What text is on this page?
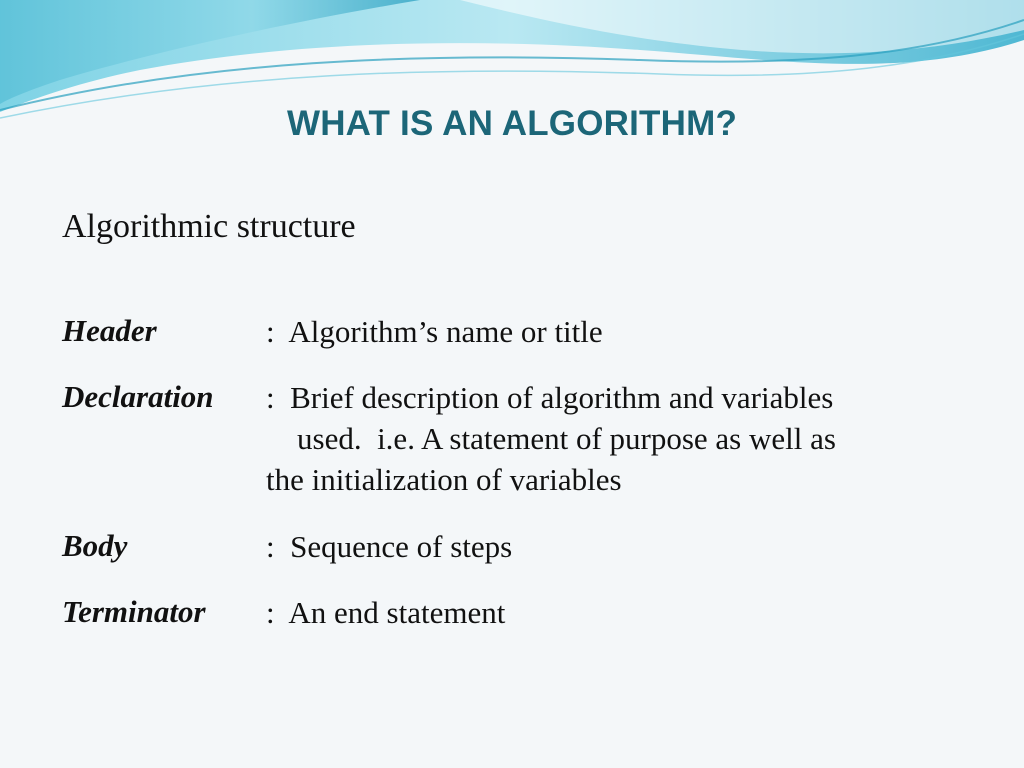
WHAT IS AN ALGORITHM?
Algorithmic structure
Header	:  Algorithm’s name or title
Declaration :  Brief description of algorithm and variables
used.  i.e. A statement of purpose as well as
the initialization of variables
Body	:  Sequence of steps
Terminator :  An end statement
